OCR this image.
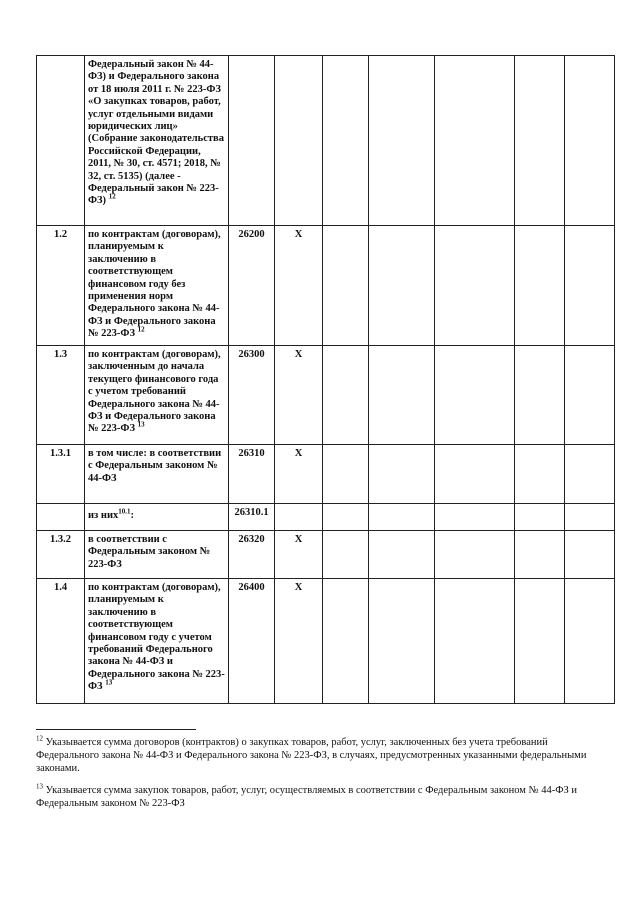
	Федеральный закон № 44-ФЗ) и Федерального закона от 18 июля 2011 г. № 223-ФЗ «О закупках товаров, работ, услуг отдельными видами юридических лиц» (Собрание законодательства Российской Федерации, 2011, № 30, ст. 4571; 2018, № 32, ст. 5135) (далее - Федеральный закон № 223-ФЗ) $^{12}$							
1.2	по контрактам (договорам), планируемым к заключению в соответствующем финансовом году без применения норм Федерального закона № 44-ФЗ и Федерального закона № 223-ФЗ $^{12}$	26200	X					
1.3	по контрактам (договорам), заключенным до начала текущего финансового года с учетом требований Федерального закона № 44-ФЗ и Федерального закона № 223-ФЗ $^{13}$	26300	X					
1.3.1	в том числе: в соответствии с Федеральным законом № 44-ФЗ	26310	X					
	из них$^{10.1}$:	26310.1						
1.3.2	в соответствии с Федеральным законом № 223-ФЗ	26320	X					
1.4	по контрактам (договорам), планируемым к заключению в соответствующем финансовом году с учетом требований Федерального закона № 44-ФЗ и Федерального закона № 223-ФЗ $^{13}$	26400	X					
$^{12}$ Указывается сумма договоров (контрактов) о закупках товаров, работ, услуг, заключенных без учета требований Федерального закона № 44-ФЗ и Федерального закона № 223-ФЗ, в случаях, предусмотренных указанными федеральными законами.
$^{13}$ Указывается сумма закупок товаров, работ, услуг, осуществляемых в соответствии с Федеральным законом № 44-ФЗ и Федеральным законом № 223-ФЗ
